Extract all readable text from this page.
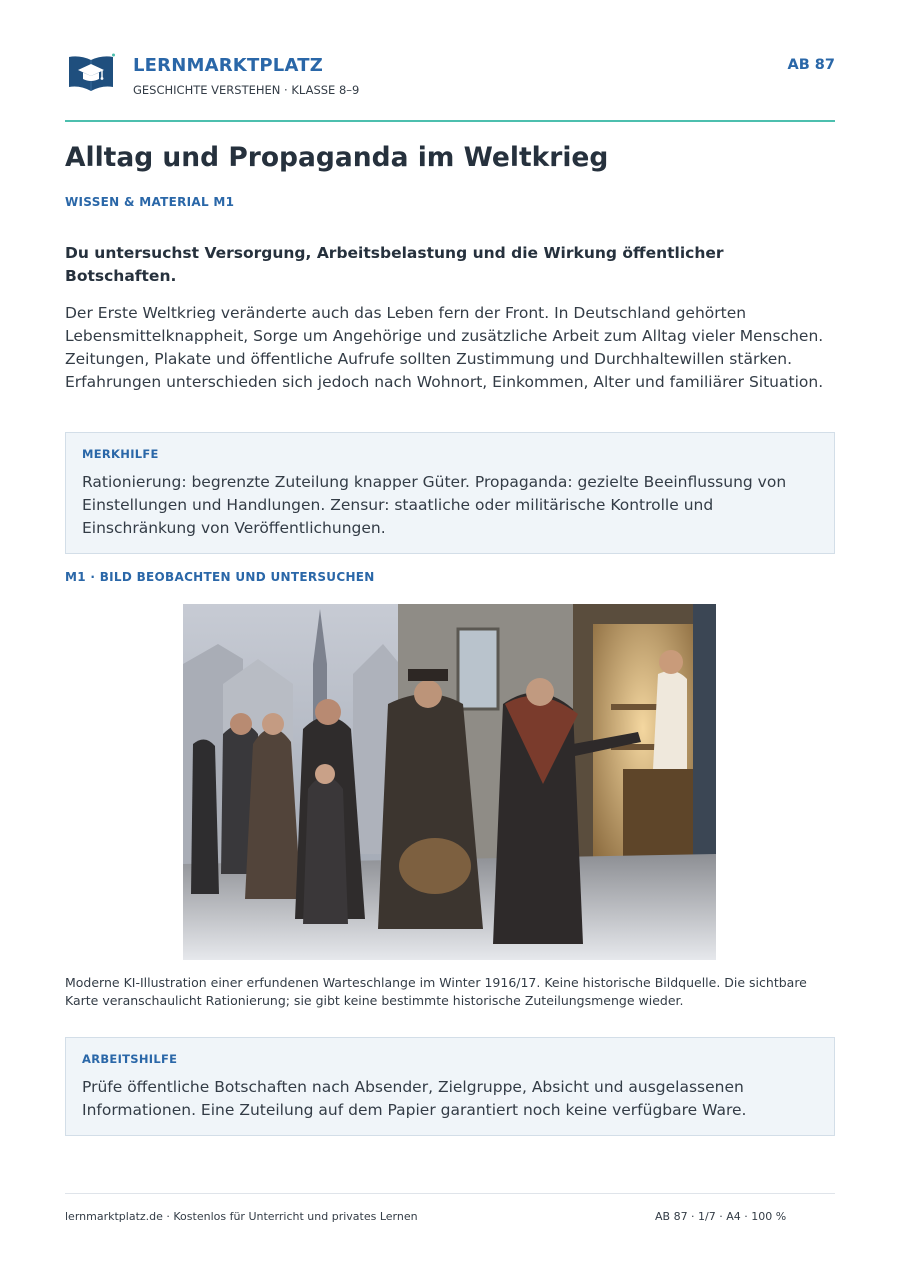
LERNMARKTPLATZ
GESCHICHTE VERSTEHEN · KLASSE 8–9
AB 87
Alltag und Propaganda im Weltkrieg
WISSEN & MATERIAL M1

Du untersuchst Versorgung, Arbeitsbelastung und die Wirkung öffentlicher Botschaften.

Der Erste Weltkrieg veränderte auch das Leben fern der Front. In Deutschland gehörten Lebensmittelknappheit, Sorge um Angehörige und zusätzliche Arbeit zum Alltag vieler Menschen. Zeitungen, Plakate und öffentliche Aufrufe sollten Zustimmung und Durchhaltewillen stärken. Erfahrungen unterschieden sich jedoch nach Wohnort, Einkommen, Alter und familiärer Situation.

MERKHILFE

Rationierung: begrenzte Zuteilung knapper Güter. Propaganda: gezielte Beeinflussung von Einstellungen und Handlungen. Zensur: staatliche oder militärische Kontrolle und Einschränkung von Veröffentlichungen.

M1 · BILD BEOBACHTEN UND UNTERSUCHEN

Moderne KI-Illustration einer erfundenen Warteschlange im Winter 1916/17. Keine historische Bildquelle. Die sichtbare Karte veranschaulicht Rationierung; sie gibt keine bestimmte historische Zuteilungsmenge wieder.

ARBEITSHILFE

Prüfe öffentliche Botschaften nach Absender, Zielgruppe, Absicht und ausgelassenen Informationen. Eine Zuteilung auf dem Papier garantiert noch keine verfügbare Ware.

lernmarktplatz.de · Kostenlos für Unterricht und privates Lernen	AB 87 · 1/7 · A4 · 100 %
